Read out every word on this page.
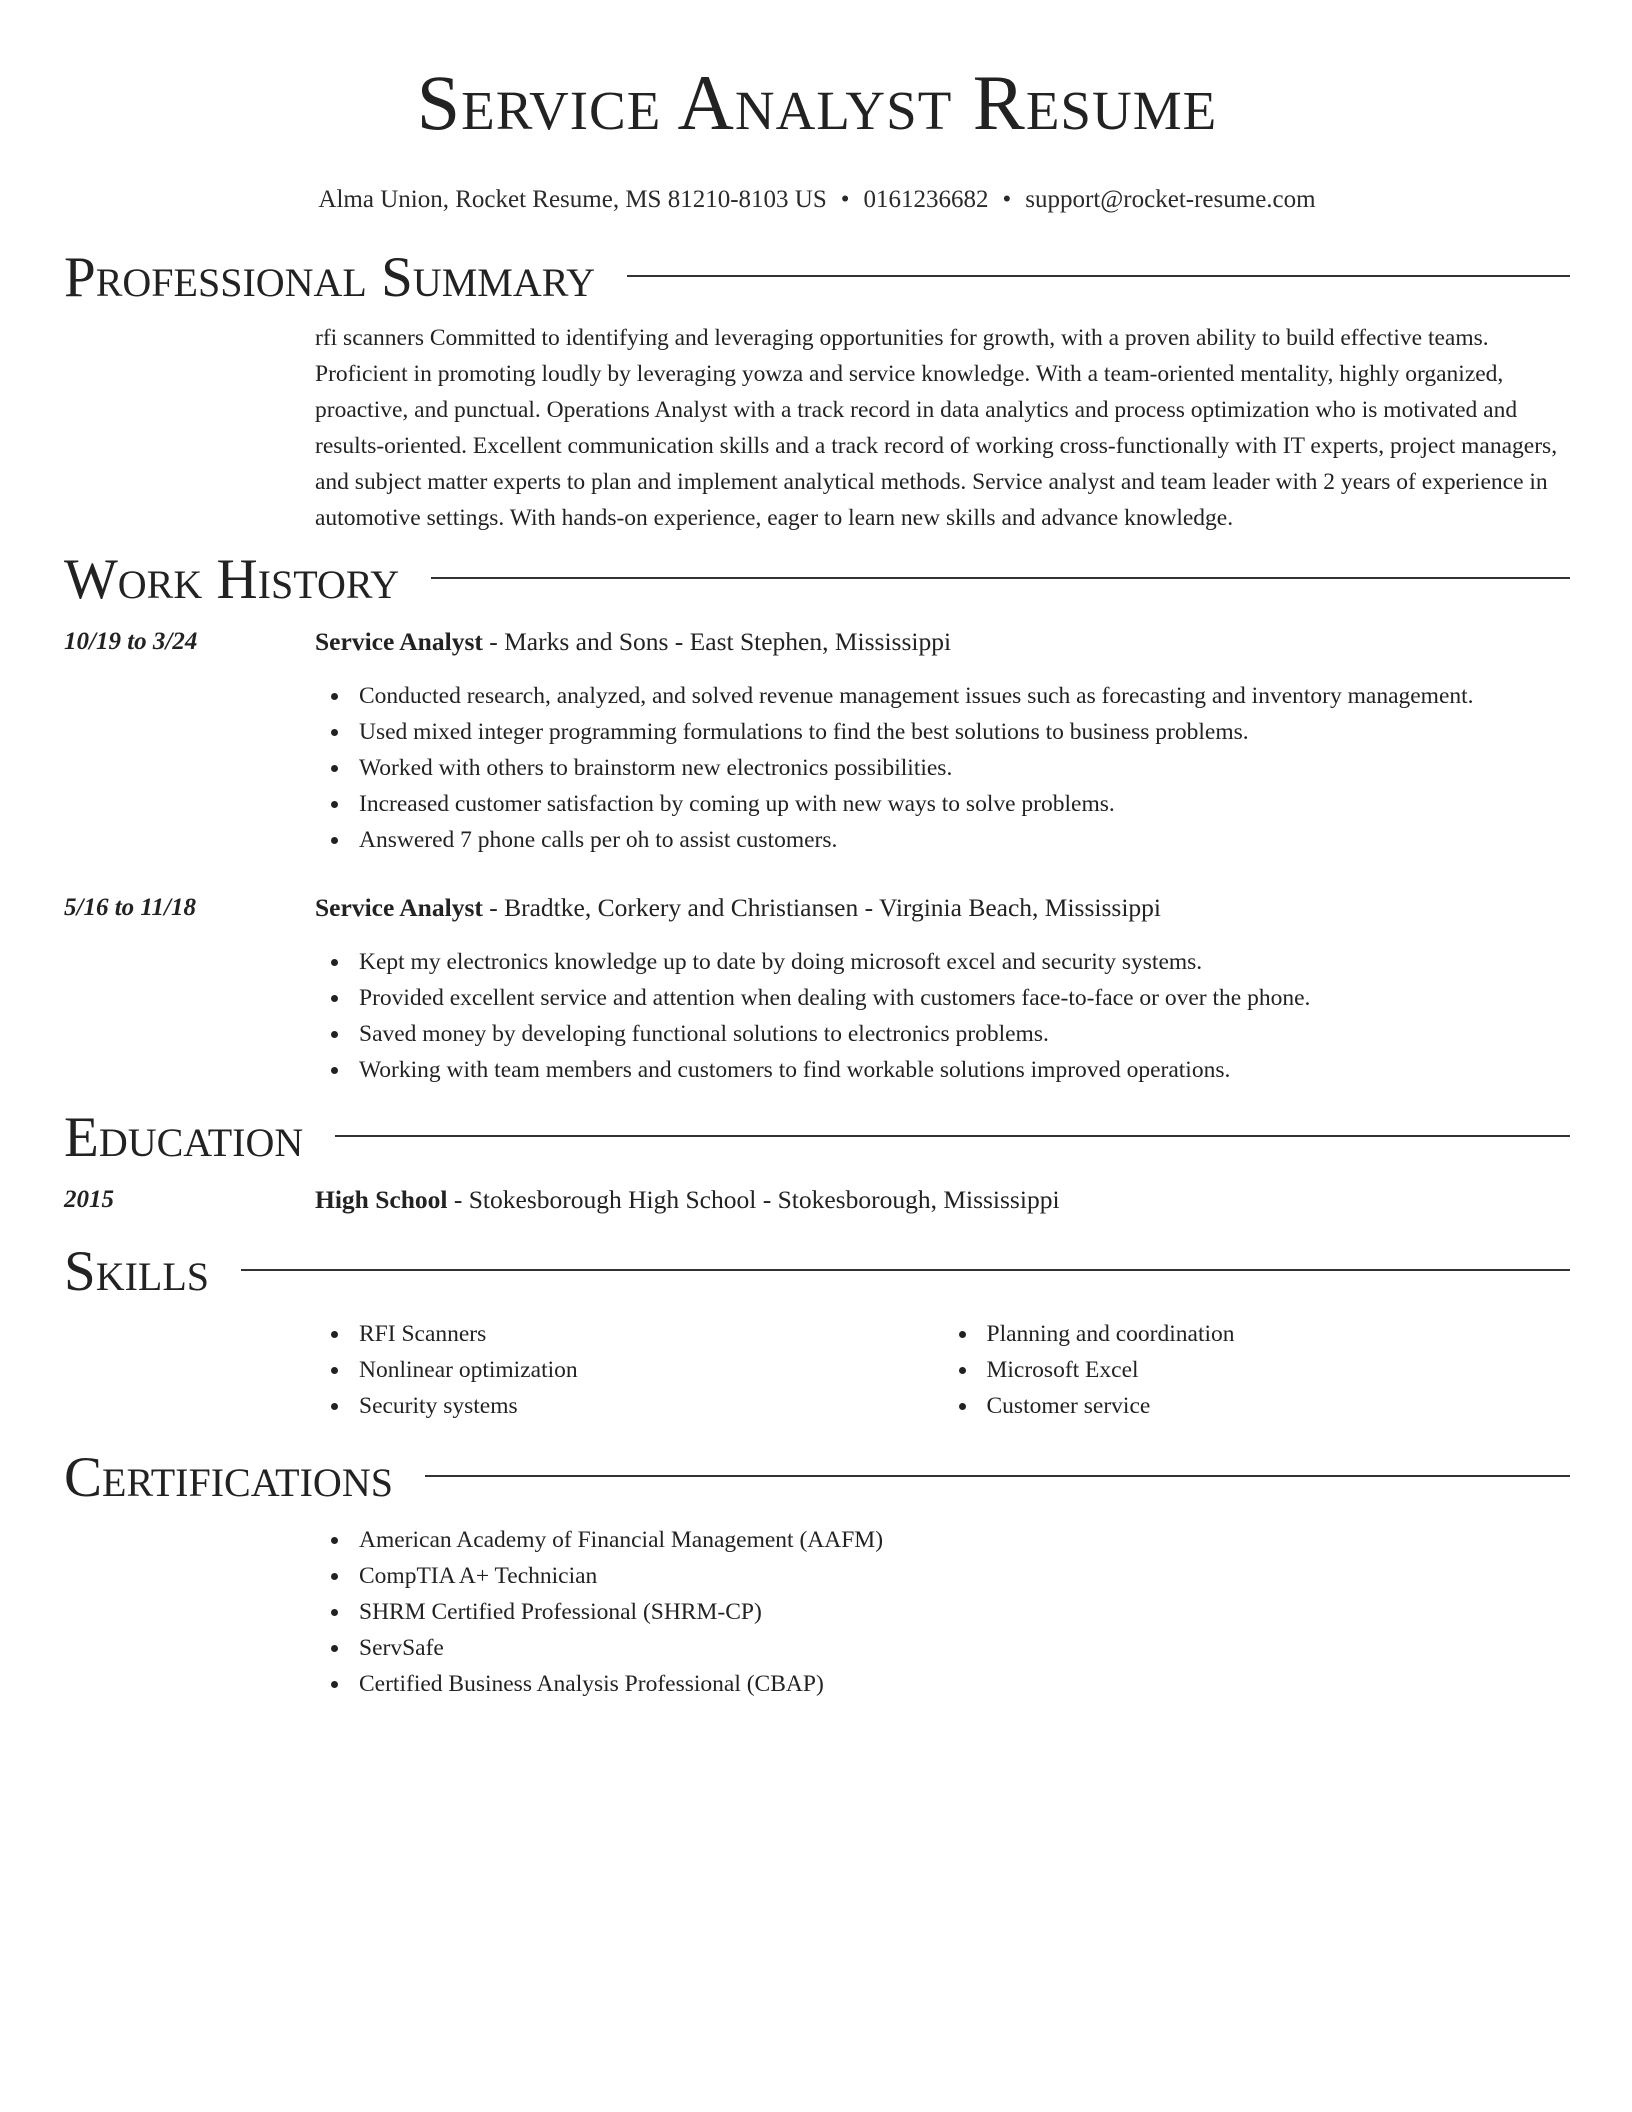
Service Analyst Resume
Alma Union, Rocket Resume, MS 81210-8103 US • 0161236682 • support@rocket-resume.com
Professional Summary

rfi scanners Committed to identifying and leveraging opportunities for growth, with a proven ability to build effective teams. Proficient in promoting loudly by leveraging yowza and service knowledge. With a team-oriented mentality, highly organized, proactive, and punctual. Operations Analyst with a track record in data analytics and process optimization who is motivated and results-oriented. Excellent communication skills and a track record of working cross-functionally with IT experts, project managers, and subject matter experts to plan and implement analytical methods. Service analyst and team leader with 2 years of experience in automotive settings. With hands-on experience, eager to learn new skills and advance knowledge.

Work History
10/19 to 3/24	Service Analyst - Marks and Sons - East Stephen, Mississippi
Conducted research, analyzed, and solved revenue management issues such as forecasting and inventory management.
Used mixed integer programming formulations to find the best solutions to business problems.
Worked with others to brainstorm new electronics possibilities.
Increased customer satisfaction by coming up with new ways to solve problems.
Answered 7 phone calls per oh to assist customers.
5/16 to 11/18	Service Analyst - Bradtke, Corkery and Christiansen - Virginia Beach, Mississippi
Kept my electronics knowledge up to date by doing microsoft excel and security systems.
Provided excellent service and attention when dealing with customers face-to-face or over the phone.
Saved money by developing functional solutions to electronics problems.
Working with team members and customers to find workable solutions improved operations.
Education
2015	High School - Stokesborough High School - Stokesborough, Mississippi
Skills
RFI Scanners
Nonlinear optimization
Security systems
Planning and coordination
Microsoft Excel
Customer service
Certifications
American Academy of Financial Management (AAFM)
CompTIA A+ Technician
SHRM Certified Professional (SHRM-CP)
ServSafe
Certified Business Analysis Professional (CBAP)
